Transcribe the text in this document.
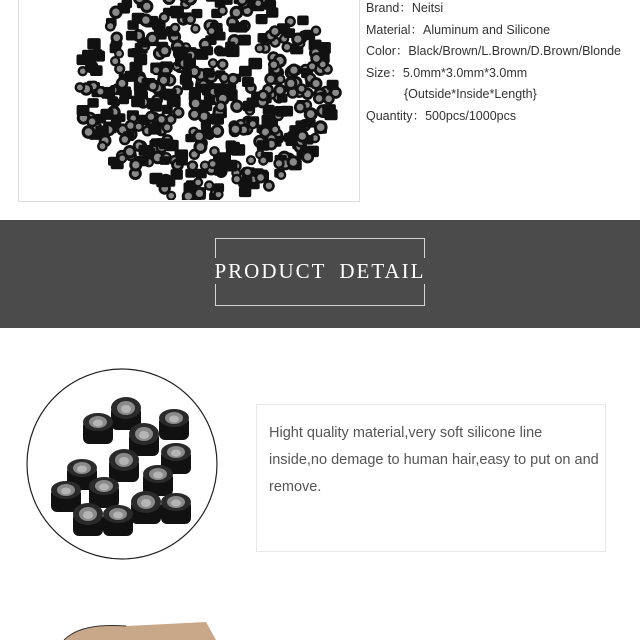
Brand ： Neitsi
Material ： Aluminum and Silicone
Color ： Black/Brown/L.Brown/D.Brown/Blonde
Size ： 5.0mm*3.0mm*3.0mm
{Outside*Inside*Length}
Quantity ： 500pcs/1000pcs
PRODUCT DETAIL
Hight quality material,very soft silicone line inside,no demage to human hair,easy to put on and remove.
